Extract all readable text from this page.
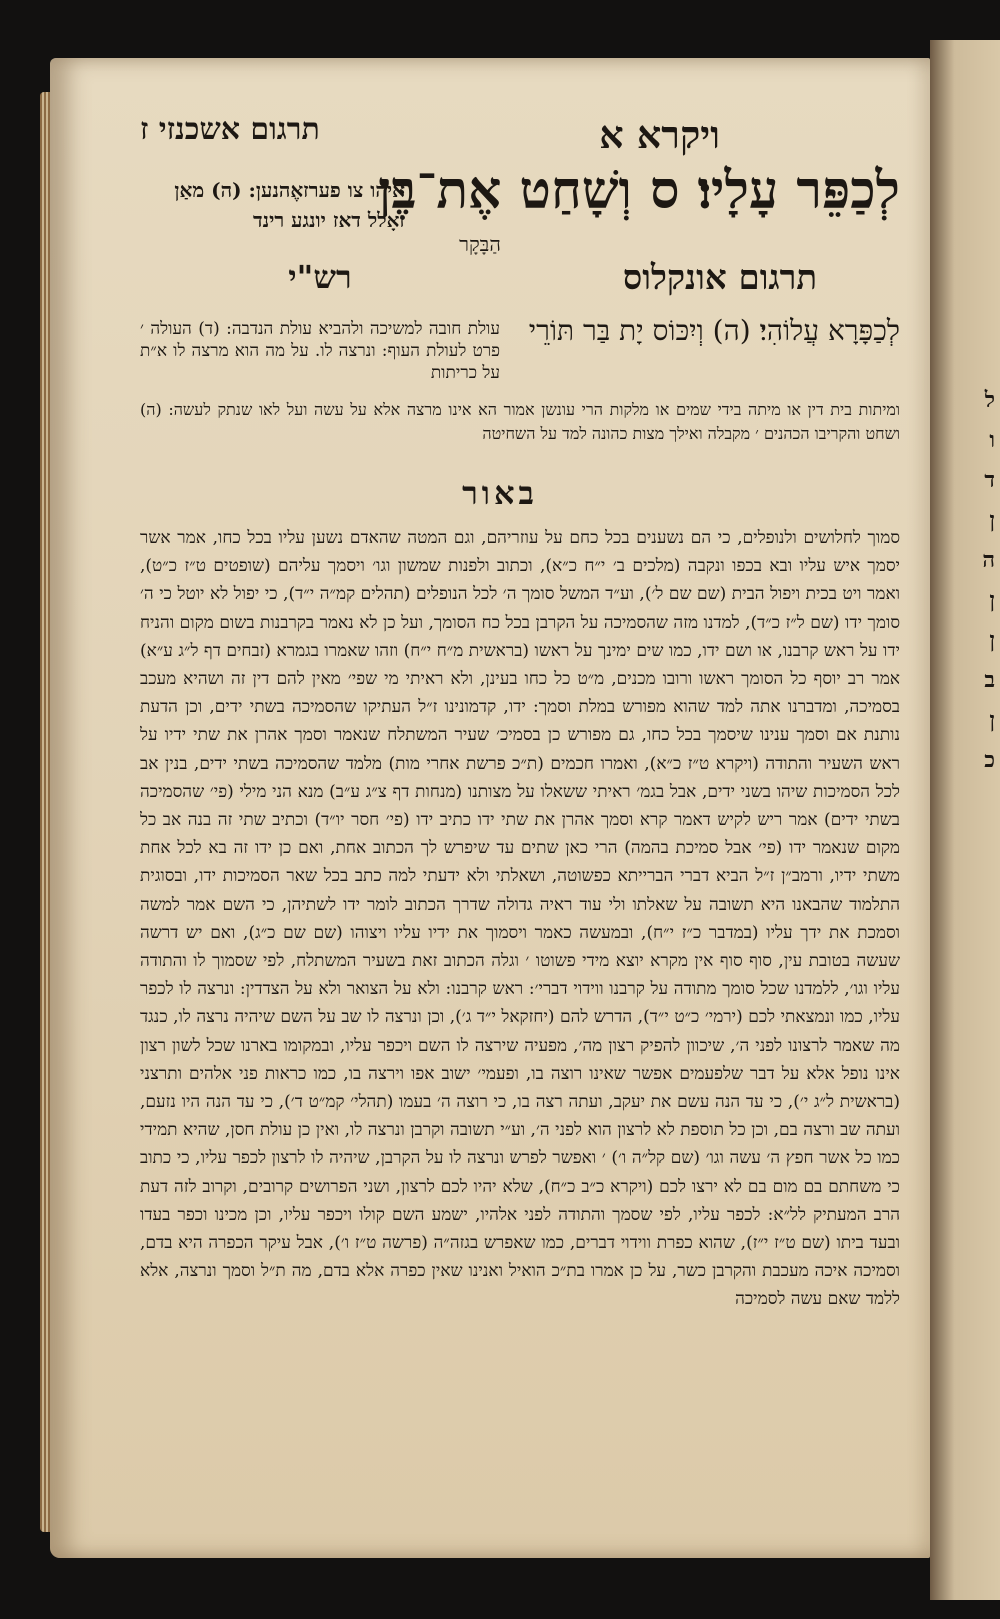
ל
ו
ד
ן
ה
ן
ן
ב
ן
כ
ויקרא א
תרגום אשכנזי ז
לְכַפֵּר עָלָיו׃ ס וְשָׁחַט אֶת־בֶּן
הַבָּקָר
איהו צו פערזאֶהנען: (ה) מאַן זאָלל דאז יונגע רינד
תרגום אונקלוס
רש"י
לְכַפָּרָא עֲלוֹהִי׃ (ה) וְיִכּוֹס יָת בַּר תּוֹרֵי
עולת חובה למשיכה ולהביא עולת הנדבה: (ד) העולה ׳ פרט לעולת העוף: ונרצה לו. על מה הוא מרצה לו א״ת על כריתות
ומיתות בית דין או מיתה בידי שמים או מלקות הרי עונשן אמור הא אינו מרצה אלא על עשה ועל לאו שנתק לעשה: (ה) ושחט והקריבו הכהנים ׳ מקבלה ואילך מצות כהונה למד על השחיטה
באור
סמוך לחלושים ולנופלים, כי הם נשענים בכל כחם על עוזריהם, וגם המטה שהאדם נשען עליו בכל כחו, אמר אשר יסמך איש עליו ובא בכפו ונקבה (מלכים ב׳ י״ח כ״א), וכתוב ולפנות שמשון וגו׳ ויסמך עליהם (שופטים ט״ז כ״ט), ואמר ויט בכית ויפול הבית (שם שם ל׳), וע״ד המשל סומך ה׳ לכל הנופלים (תהלים קמ״ה י״ד), כי יפול לא יוטל כי ה׳ סומך ידו (שם ל״ז כ״ד), למדנו מזה שהסמיכה על הקרבן בכל כח הסומך, ועל כן לא נאמר בקרבנות בשום מקום והניח ידו על ראש קרבנו, או ושם ידו, כמו שים ימינך על ראשו (בראשית מ״ח י״ח) וזהו שאמרו בגמרא (זבחים דף ל״ג ע״א) אמר רב יוסף כל הסומך ראשו ורובו מכנים, מ״ט כל כחו בעינן, ולא ראיתי מי שפי׳ מאין להם דין זה ושהיא מעכב בסמיכה, ומדברנו אתה למד שהוא מפורש במלת וסמך: ידו, קדמונינו ז״ל העתיקו שהסמיכה בשתי ידים, וכן הדעת נותנת אם וסמך ענינו שיסמך בכל כחו, גם מפורש כן בסמיכ׳ שעיר המשתלח שנאמר וסמך אהרן את שתי ידיו על ראש השעיר והתודה (ויקרא ט״ז כ״א), ואמרו חכמים (ת״כ פרשת אחרי מות) מלמד שהסמיכה בשתי ידים, בנין אב לכל הסמיכות שיהו בשני ידים, אבל בגמ׳ ראיתי ששאלו על מצותנו (מנחות דף צ״ג ע״ב) מנא הני מילי (פי׳ שהסמיכה בשתי ידים) אמר ריש לקיש דאמר קרא וסמך אהרן את שתי ידו כתיב ידו (פי׳ חסר יו״ד) וכתיב שתי זה בנה אב כל מקום שנאמר ידו (פי׳ אבל סמיכת בהמה) הרי כאן שתים עד שיפרש לך הכתוב אחת, ואם כן ידו זה בא לכל אחת משתי ידיו, ורמב״ן ז״ל הביא דברי הברייתא כפשוטה, ושאלתי ולא ידעתי למה כתב בכל שאר הסמיכות ידו, ובסוגית התלמוד שהבאנו היא תשובה על שאלתו ולי עוד ראיה גדולה שדרך הכתוב לומר ידו לשתיהן, כי השם אמר למשה וסמכת את ידך עליו (במדבר כ״ז י״ח), ובמעשה כאמר ויסמוך את ידיו עליו ויצוהו (שם שם כ״ג), ואם יש דרשה שעשה בטובת עין, סוף סוף אין מקרא יוצא מידי פשוטו ׳ וגלה הכתוב זאת בשעיר המשתלח, לפי שסמוך לו והתודה עליו וגו׳, ללמדנו שכל סומך מתודה על קרבנו ווידוי דברי׳: ראש קרבנו: ולא על הצואר ולא על הצדדין: ונרצה לו לכפר עליו, כמו ונמצאתי לכם (ירמי׳ כ״ט י״ד), הדרש להם (יחזקאל י״ד ג׳), וכן ונרצה לו שב על השם שיהיה נרצה לו, כנגד מה שאמר לרצונו לפני ה׳, שיכוון להפיק רצון מה׳, מפעיה שירצה לו השם ויכפר עליו, ובמקומו בארנו שכל לשון רצון אינו נופל אלא על דבר שלפעמים אפשר שאינו רוצה בו, ופעמי׳ ישוב אפו וירצה בו, כמו כראות פני אלהים ותרצני (בראשית ל״ג י׳), כי עד הנה עשם את יעקב, ועתה רצה בו, כי רוצה ה׳ בעמו (תהלי׳ קמ״ט ד׳), כי עד הנה היו נזעם, ועתה שב ורצה בם, וכן כל תוספת לא לרצון הוא לפני ה׳, וע״י תשובה וקרבן ונרצה לו, ואין כן עולת חסן, שהיא תמידי כמו כל אשר חפץ ה׳ עשה וגו׳ (שם קל״ה ו׳) ׳ ואפשר לפרש ונרצה לו על הקרבן, שיהיה לו לרצון לכפר עליו, כי כתוב כי משחתם בם מום בם לא ירצו לכם (ויקרא כ״ב כ״ח), שלא יהיו לכם לרצון, ושני הפרושים קרובים, וקרוב לזה דעת הרב המעתיק לל״א: לכפר עליו, לפי שסמך והתודה לפני אלהיו, ישמע השם קולו ויכפר עליו, וכן מכינו וכפר בעדו ובעד ביתו (שם ט״ז י״ז), שהוא כפרת ווידוי דברים, כמו שאפרש בגזה״ה (פרשה ט״ז ו׳), אבל עיקר הכפרה היא בדם, וסמיכה איכה מעכבת והקרבן כשר, על כן אמרו בת״כ הואיל ואנינו שאין כפרה אלא בדם, מה ת״ל וסמך ונרצה, אלא ללמד שאם עשה לסמיכה
